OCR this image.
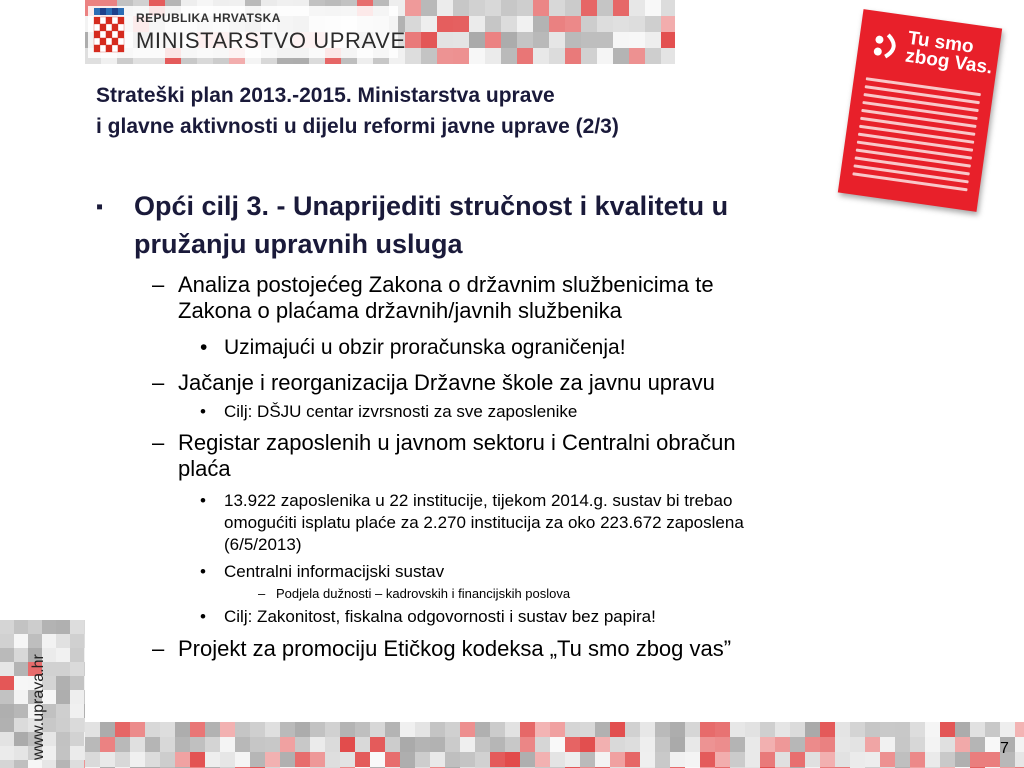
REPUBLIKA HRVATSKA
MINISTARSTVO UPRAVE
Strateški plan 2013.-2015. Ministarstva uprave
i glavne aktivnosti u dijelu reformi javne uprave (2/3)
Tu smo
zbog Vas.
▪ Opći cilj 3. - Unaprijediti stručnost i kvalitetu u
pružanju upravnih usluga
– Analiza postojećeg Zakona o državnim službenicima te
Zakona o plaćama državnih/javnih službenika
• Uzimajući u obzir proračunska ograničenja!
– Jačanje i reorganizacija Državne škole za javnu upravu
• Cilj: DŠJU centar izvrsnosti za sve zaposlenike
– Registar zaposlenih u javnom sektoru i Centralni obračun
plaća
• 13.922 zaposlenika u 22 institucije, tijekom 2014.g. sustav bi trebao
omogućiti isplatu plaće za 2.270 institucija za oko 223.672 zaposlena
(6/5/2013)
• Centralni informacijski sustav
– Podjela dužnosti – kadrovskih i financijskih poslova
• Cilj: Zakonitost, fiskalna odgovornosti i sustav bez papira!
– Projekt za promociju Etičkog kodeksa „Tu smo zbog vas”
www.uprava.hr	7
